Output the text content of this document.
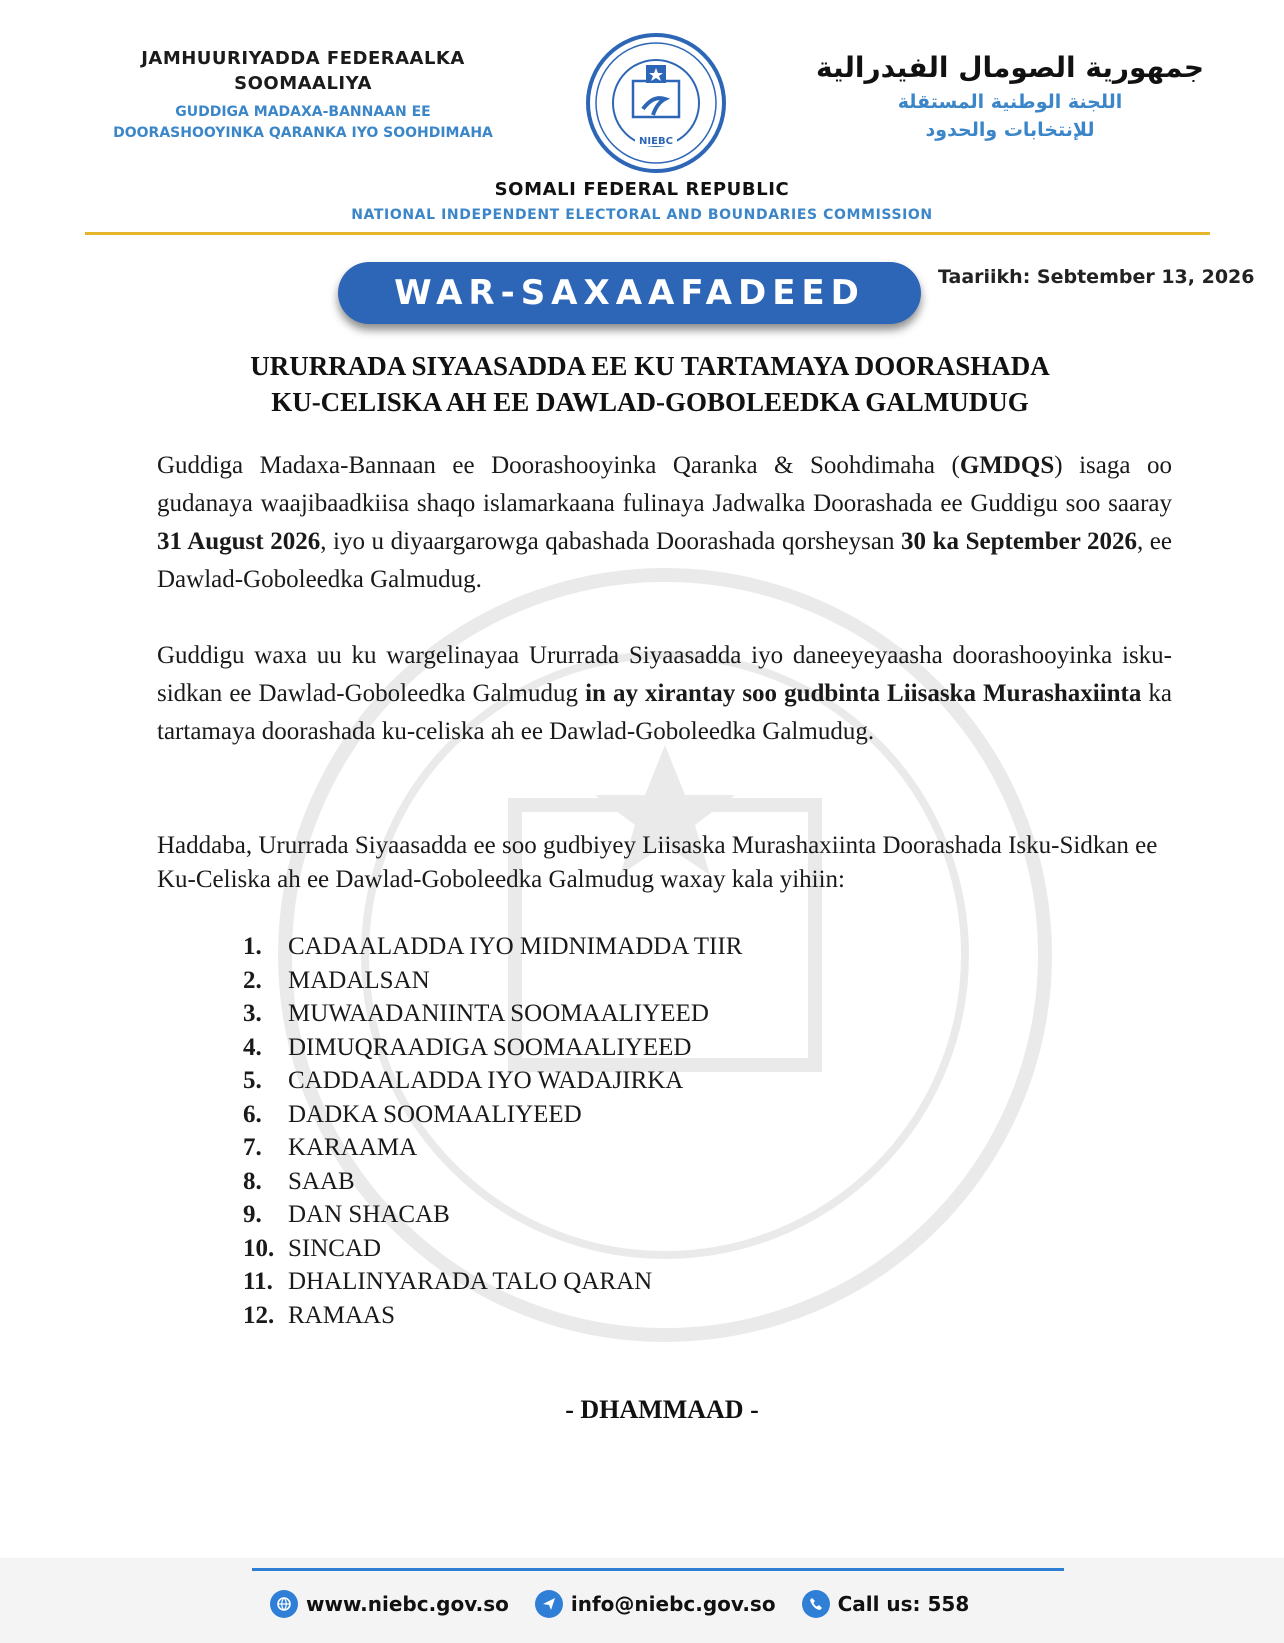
JAMHUURIYADDA FEDERAALKA
SOOMAALIYA
GUDDIGA MADAXA-BANNAAN EE
DOORASHOOYINKA QARANKA IYO SOOHDIMAHA
NIEBC
جمهورية الصومال الفيدرالية
اللجنة الوطنية المستقلة
للإنتخابات والحدود
SOMALI FEDERAL REPUBLIC
NATIONAL INDEPENDENT ELECTORAL AND BOUNDARIES COMMISSION
WAR-SAXAAFADEED	Taariikh: Sebtember 13, 2026
URURRADA SIYAASADDA EE KU TARTAMAYA DOORASHADA
KU-CELISKA AH EE DAWLAD-GOBOLEEDKA GALMUDUG
Guddiga Madaxa-Bannaan ee Doorashooyinka Qaranka & Soohdimaha (GMDQS) isaga oo gudanaya waajibaadkiisa shaqo islamarkaana fulinaya Jadwalka Doorashada ee Guddigu soo saaray 31 August 2026, iyo u diyaargarowga qabashada Doorashada qorsheysan 30 ka September 2026, ee Dawlad-Goboleedka Galmudug.
Guddigu waxa uu ku wargelinayaa Ururrada Siyaasadda iyo daneeyeyaasha doorashooyinka isku-sidkan ee Dawlad-Goboleedka Galmudug in ay xirantay soo gudbinta Liisaska Murashaxiinta ka tartamaya doorashada ku-celiska ah ee Dawlad-Goboleedka Galmudug.
Haddaba, Ururrada Siyaasadda ee soo gudbiyey Liisaska Murashaxiinta Doorashada Isku-Sidkan ee Ku-Celiska ah ee Dawlad-Goboleedka Galmudug waxay kala yihiin:
1.	CADAALADDA IYO MIDNIMADDA TIIR
2.	MADALSAN
3.	MUWAADANIINTA SOOMAALIYEED
4.	DIMUQRAADIGA SOOMAALIYEED
5.	CADDAALADDA IYO WADAJIRKA
6.	DADKA SOOMAALIYEED
7.	KARAAMA
8.	SAAB
9.	DAN SHACAB
10. SINCAD
11. DHALINYARADA TALO QARAN
12. RAMAAS
- DHAMMAAD -
www.niebc.gov.so	info@niebc.gov.so	Call us: 558
